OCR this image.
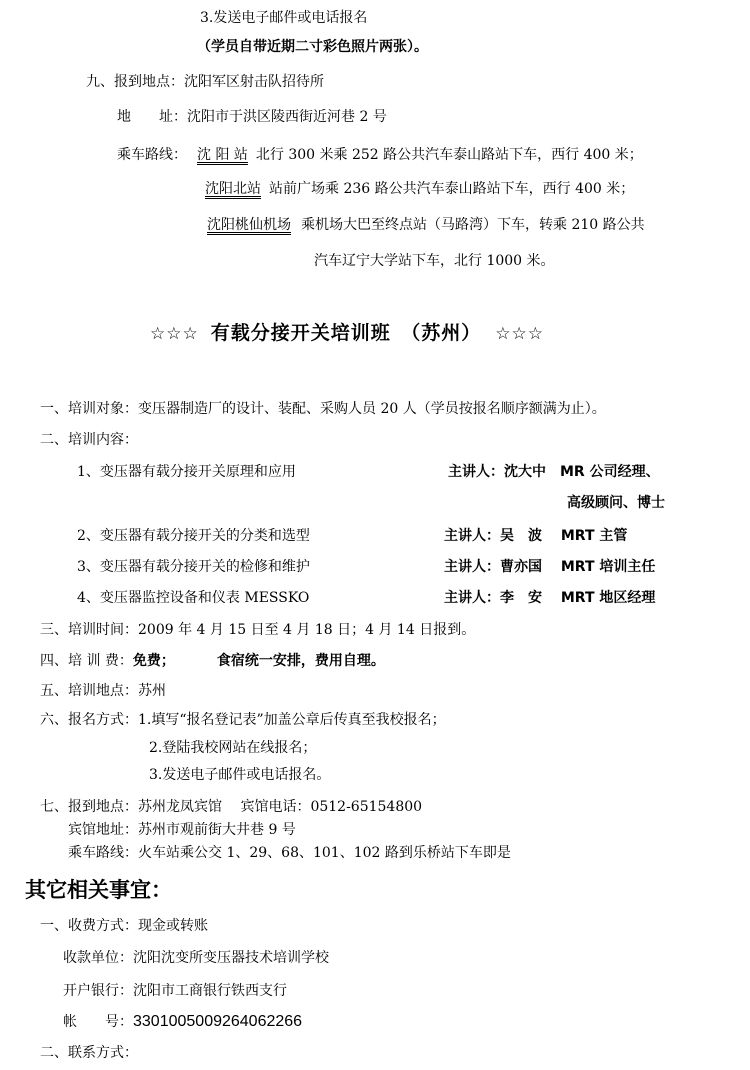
3.发送电子邮件或电话报名
（学员自带近期二寸彩色照片两张）。
九、报到地点：沈阳军区射击队招待所
地　　址：沈阳市于洪区陵西街近河巷 2 号
乘车路线： 沈 阳 站 北行 300 米乘 252 路公共汽车泰山路站下车，西行 400 米；
沈阳北站 站前广场乘 236 路公共汽车泰山路站下车，西行 400 米；
沈阳桃仙机场 乘机场大巴至终点站（马路湾）下车，转乘 210 路公共
汽车辽宁大学站下车，北行 1000 米。
☆☆☆ 有载分接开关培训班　（苏州） ☆☆☆
一、培训对象：变压器制造厂的设计、装配、采购人员 20 人（学员按报名顺序额满为止）。
二、培训内容：
1、变压器有载分接开关原理和应用	主讲人：沈大中　MR 公司经理、
高级顾问、博士
2、变压器有载分接开关的分类和选型	主讲人：吴　波　 MRT 主管
3、变压器有载分接开关的检修和维护	主讲人：曹亦国　 MRT 培训主任
4、变压器监控设备和仪表 MESSKO	主讲人：李　安　 MRT 地区经理
三、培训时间：2009 年 4 月 15 日至 4 月 18 日；4 月 14 日报到。
四、培 训 费：免费；	食宿统一安排，费用自理。
五、培训地点：苏州
六、报名方式：1.填写“报名登记表”加盖公章后传真至我校报名；
2.登陆我校网站在线报名；
3.发送电子邮件或电话报名。
七、报到地点：苏州龙凤宾馆　 宾馆电话：0512-65154800
宾馆地址：苏州市观前街大井巷 9 号
乘车路线：火车站乘公交 1、29、68、101、102 路到乐桥站下车即是
其它相关事宜：
一、收费方式：现金或转账
收款单位：沈阳沈变所变压器技术培训学校
开户银行：沈阳市工商银行铁西支行
帐　　号：3301005009264062266
二、联系方式：
